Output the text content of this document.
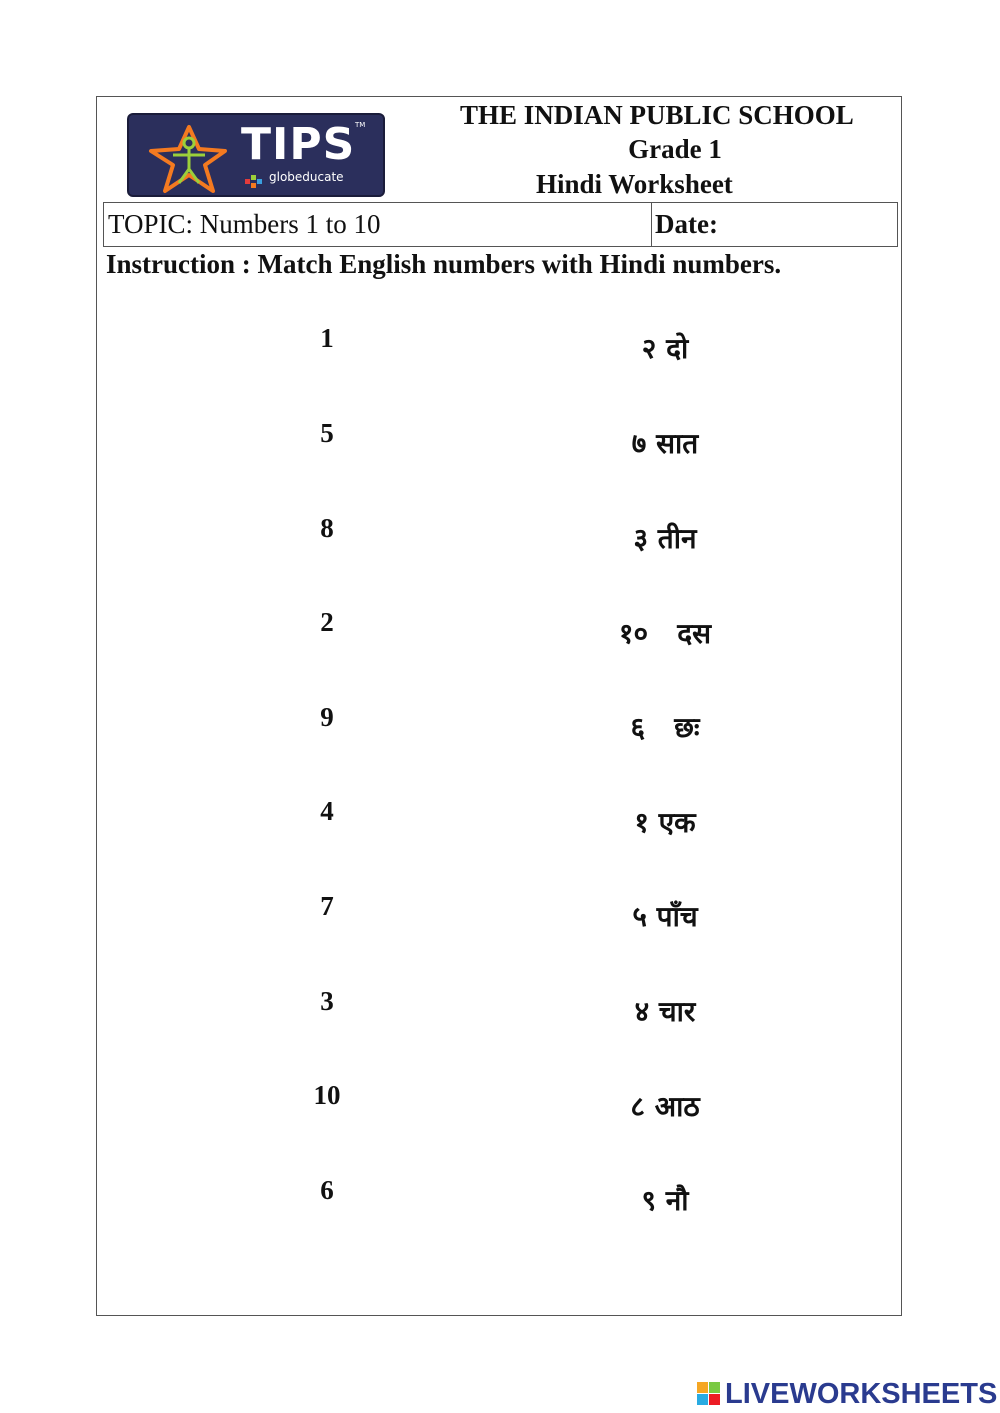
TIPS
globeducate
TM	THE INDIAN PUBLIC SCHOOL
Grade 1
Hindi Worksheet
TOPIC: Numbers 1 to 10	Date:
Instruction : Match English numbers with Hindi numbers.
1
5
8
2
9
4
7
3
10
6
२ दो
७ सात
३ तीन
१०   दस
६   छः
१ एक
५ पाँच
४ चार
८ आठ
९ नौ
LIVEWORKSHEETS
